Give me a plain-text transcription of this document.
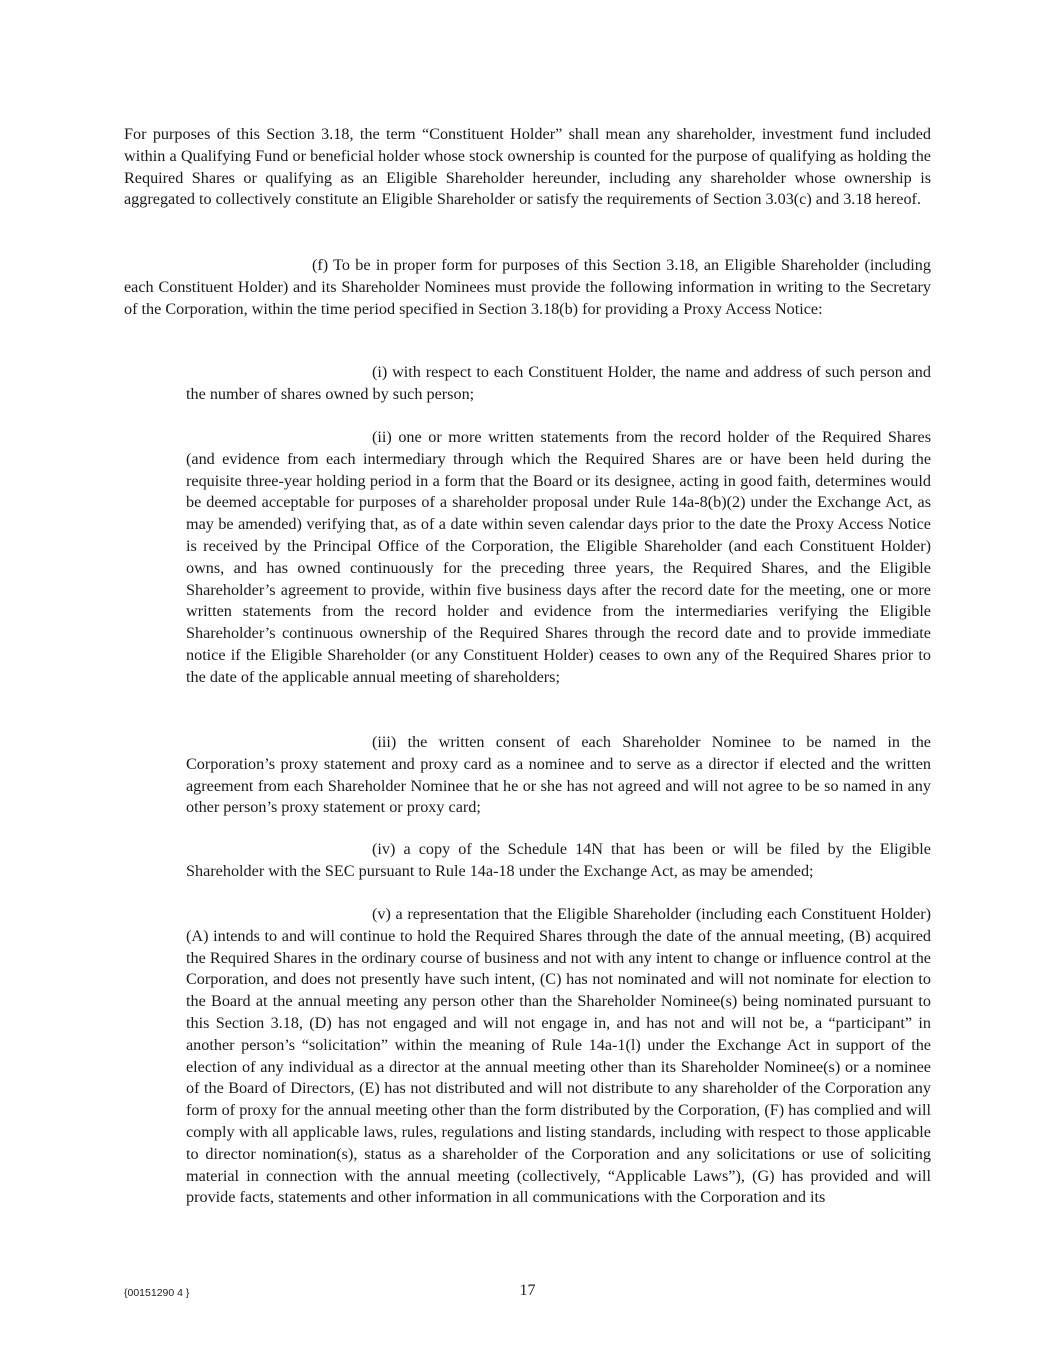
For purposes of this Section 3.18, the term “Constituent Holder” shall mean any shareholder, investment fund included within a Qualifying Fund or beneficial holder whose stock ownership is counted for the purpose of qualifying as holding the Required Shares or qualifying as an Eligible Shareholder hereunder, including any shareholder whose ownership is aggregated to collectively constitute an Eligible Shareholder or satisfy the requirements of Section 3.03(c) and 3.18 hereof.

(f) To be in proper form for purposes of this Section 3.18, an Eligible Shareholder (including each Constituent Holder) and its Shareholder Nominees must provide the following information in writing to the Secretary of the Corporation, within the time period specified in Section 3.18(b) for providing a Proxy Access Notice:

(i) with respect to each Constituent Holder, the name and address of such person and the number of shares owned by such person;

(ii) one or more written statements from the record holder of the Required Shares (and evidence from each intermediary through which the Required Shares are or have been held during the requisite three-year holding period in a form that the Board or its designee, acting in good faith, determines would be deemed acceptable for purposes of a shareholder proposal under Rule 14a-8(b)(2) under the Exchange Act, as may be amended) verifying that, as of a date within seven calendar days prior to the date the Proxy Access Notice is received by the Principal Office of the Corporation, the Eligible Shareholder (and each Constituent Holder) owns, and has owned continuously for the preceding three years, the Required Shares, and the Eligible Shareholder’s agreement to provide, within five business days after the record date for the meeting, one or more written statements from the record holder and evidence from the intermediaries verifying the Eligible Shareholder’s continuous ownership of the Required Shares through the record date and to provide immediate notice if the Eligible Shareholder (or any Constituent Holder) ceases to own any of the Required Shares prior to the date of the applicable annual meeting of shareholders;

(iii) the written consent of each Shareholder Nominee to be named in the Corporation’s proxy statement and proxy card as a nominee and to serve as a director if elected and the written agreement from each Shareholder Nominee that he or she has not agreed and will not agree to be so named in any other person’s proxy statement or proxy card;

(iv) a copy of the Schedule 14N that has been or will be filed by the Eligible Shareholder with the SEC pursuant to Rule 14a-18 under the Exchange Act, as may be amended;

(v) a representation that the Eligible Shareholder (including each Constituent Holder) (A) intends to and will continue to hold the Required Shares through the date of the annual meeting, (B) acquired the Required Shares in the ordinary course of business and not with any intent to change or influence control at the Corporation, and does not presently have such intent, (C) has not nominated and will not nominate for election to the Board at the annual meeting any person other than the Shareholder Nominee(s) being nominated pursuant to this Section 3.18, (D) has not engaged and will not engage in, and has not and will not be, a “participant” in another person’s “solicitation” within the meaning of Rule 14a-1(l) under the Exchange Act in support of the election of any individual as a director at the annual meeting other than its Shareholder Nominee(s) or a nominee of the Board of Directors, (E) has not distributed and will not distribute to any shareholder of the Corporation any form of proxy for the annual meeting other than the form distributed by the Corporation, (F) has complied and will comply with all applicable laws, rules, regulations and listing standards, including with respect to those applicable to director nomination(s), status as a shareholder of the Corporation and any solicitations or use of soliciting material in connection with the annual meeting (collectively, “Applicable Laws”), (G) has provided and will provide facts, statements and other information in all communications with the Corporation and its

{00151290 4 }	17
